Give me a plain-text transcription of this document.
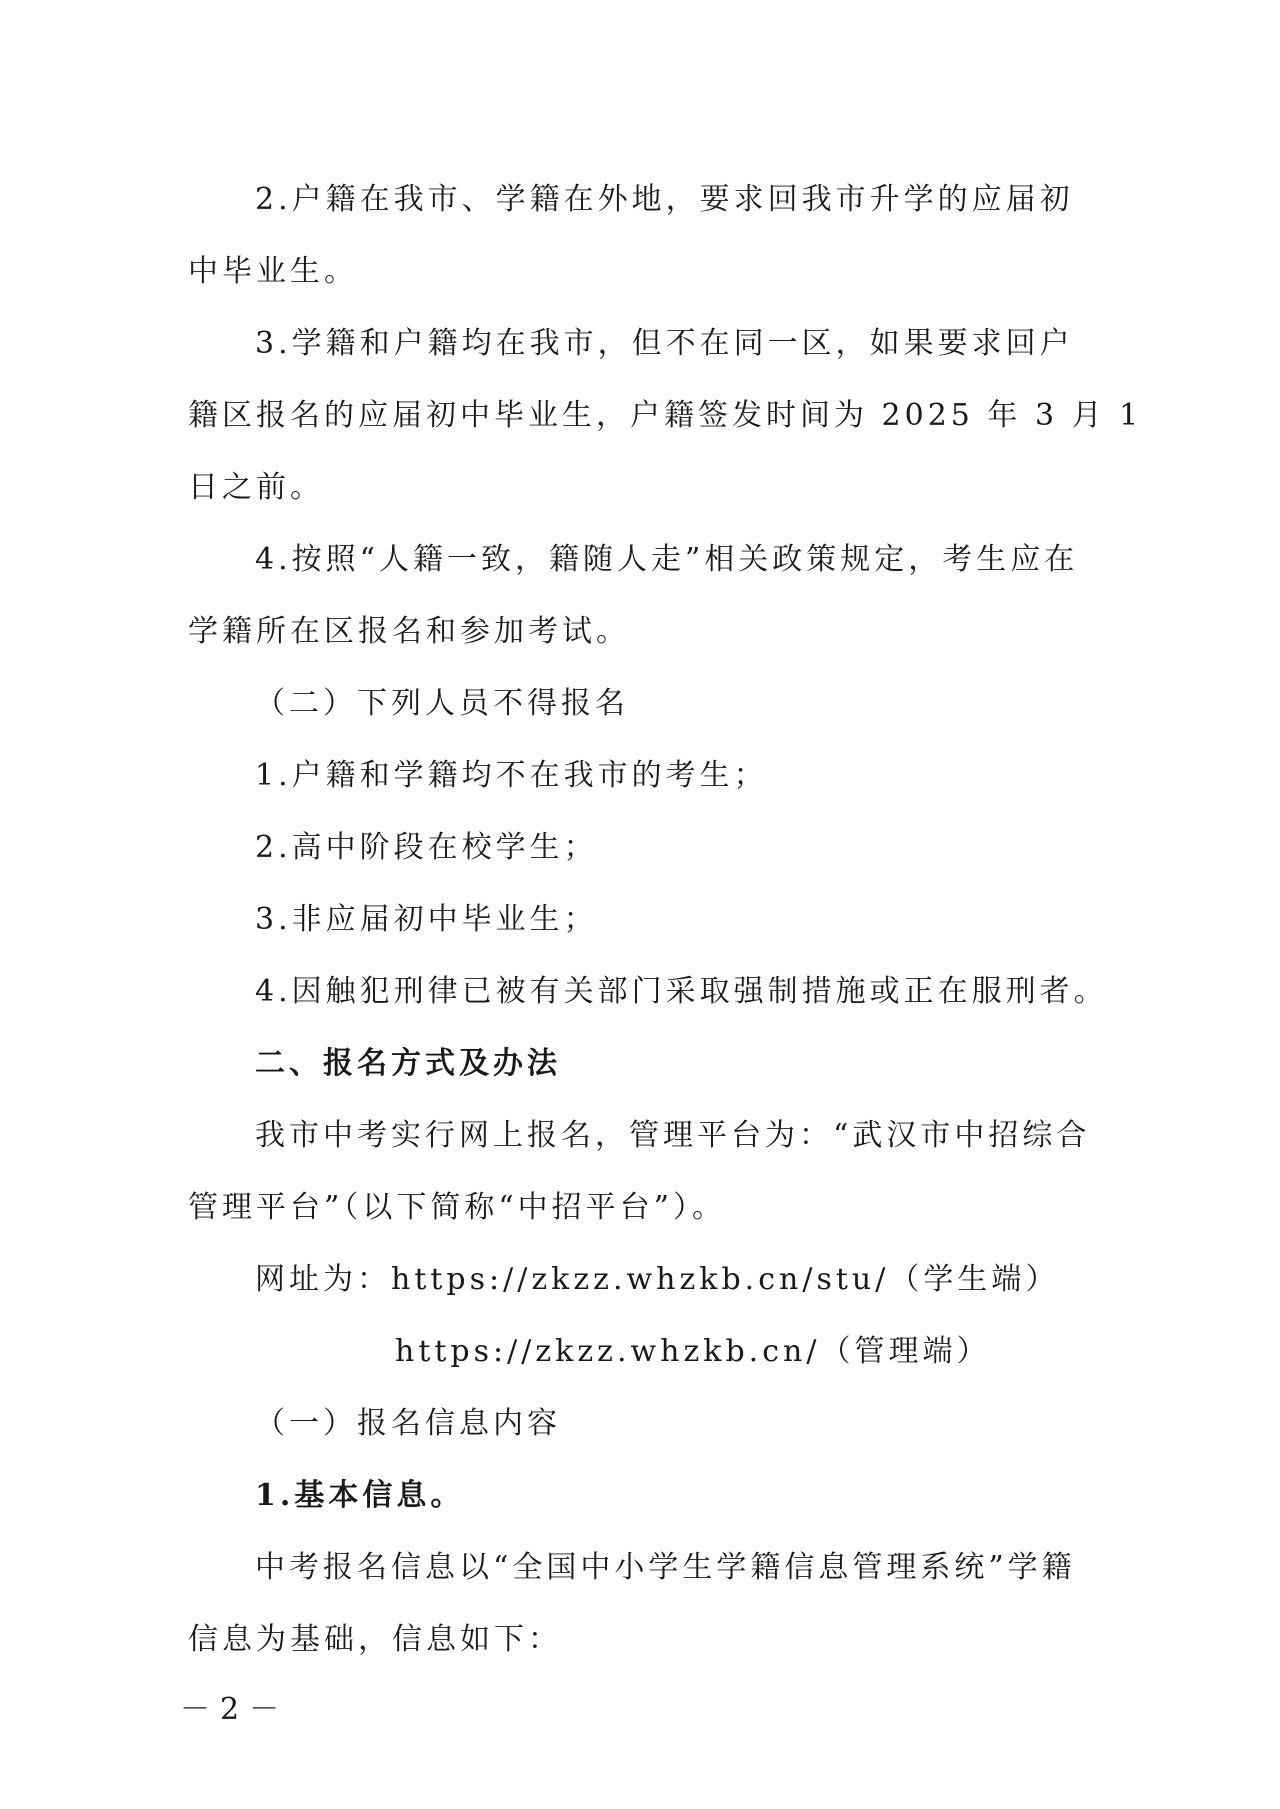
2.户籍在我市、学籍在外地，要求回我市升学的应届初
中毕业生。
3.学籍和户籍均在我市，但不在同一区，如果要求回户
籍区报名的应届初中毕业生，户籍签发时间为 2025 年 3 月 1
日之前。
4.按照“人籍一致，籍随人走”相关政策规定，考生应在
学籍所在区报名和参加考试。
（二）下列人员不得报名
1.户籍和学籍均不在我市的考生；
2.高中阶段在校学生；
3.非应届初中毕业生；
4.因触犯刑律已被有关部门采取强制措施或正在服刑者。
二、报名方式及办法
我市中考实行网上报名，管理平台为：“武汉市中招综合
管理平台”（以下简称“中招平台”）。
网址为：https://zkzz.whzkb.cn/stu/（学生端）
https://zkzz.whzkb.cn/（管理端）
（一）报名信息内容
1.基本信息。
中考报名信息以“全国中小学生学籍信息管理系统”学籍
信息为基础，信息如下：
－2－
